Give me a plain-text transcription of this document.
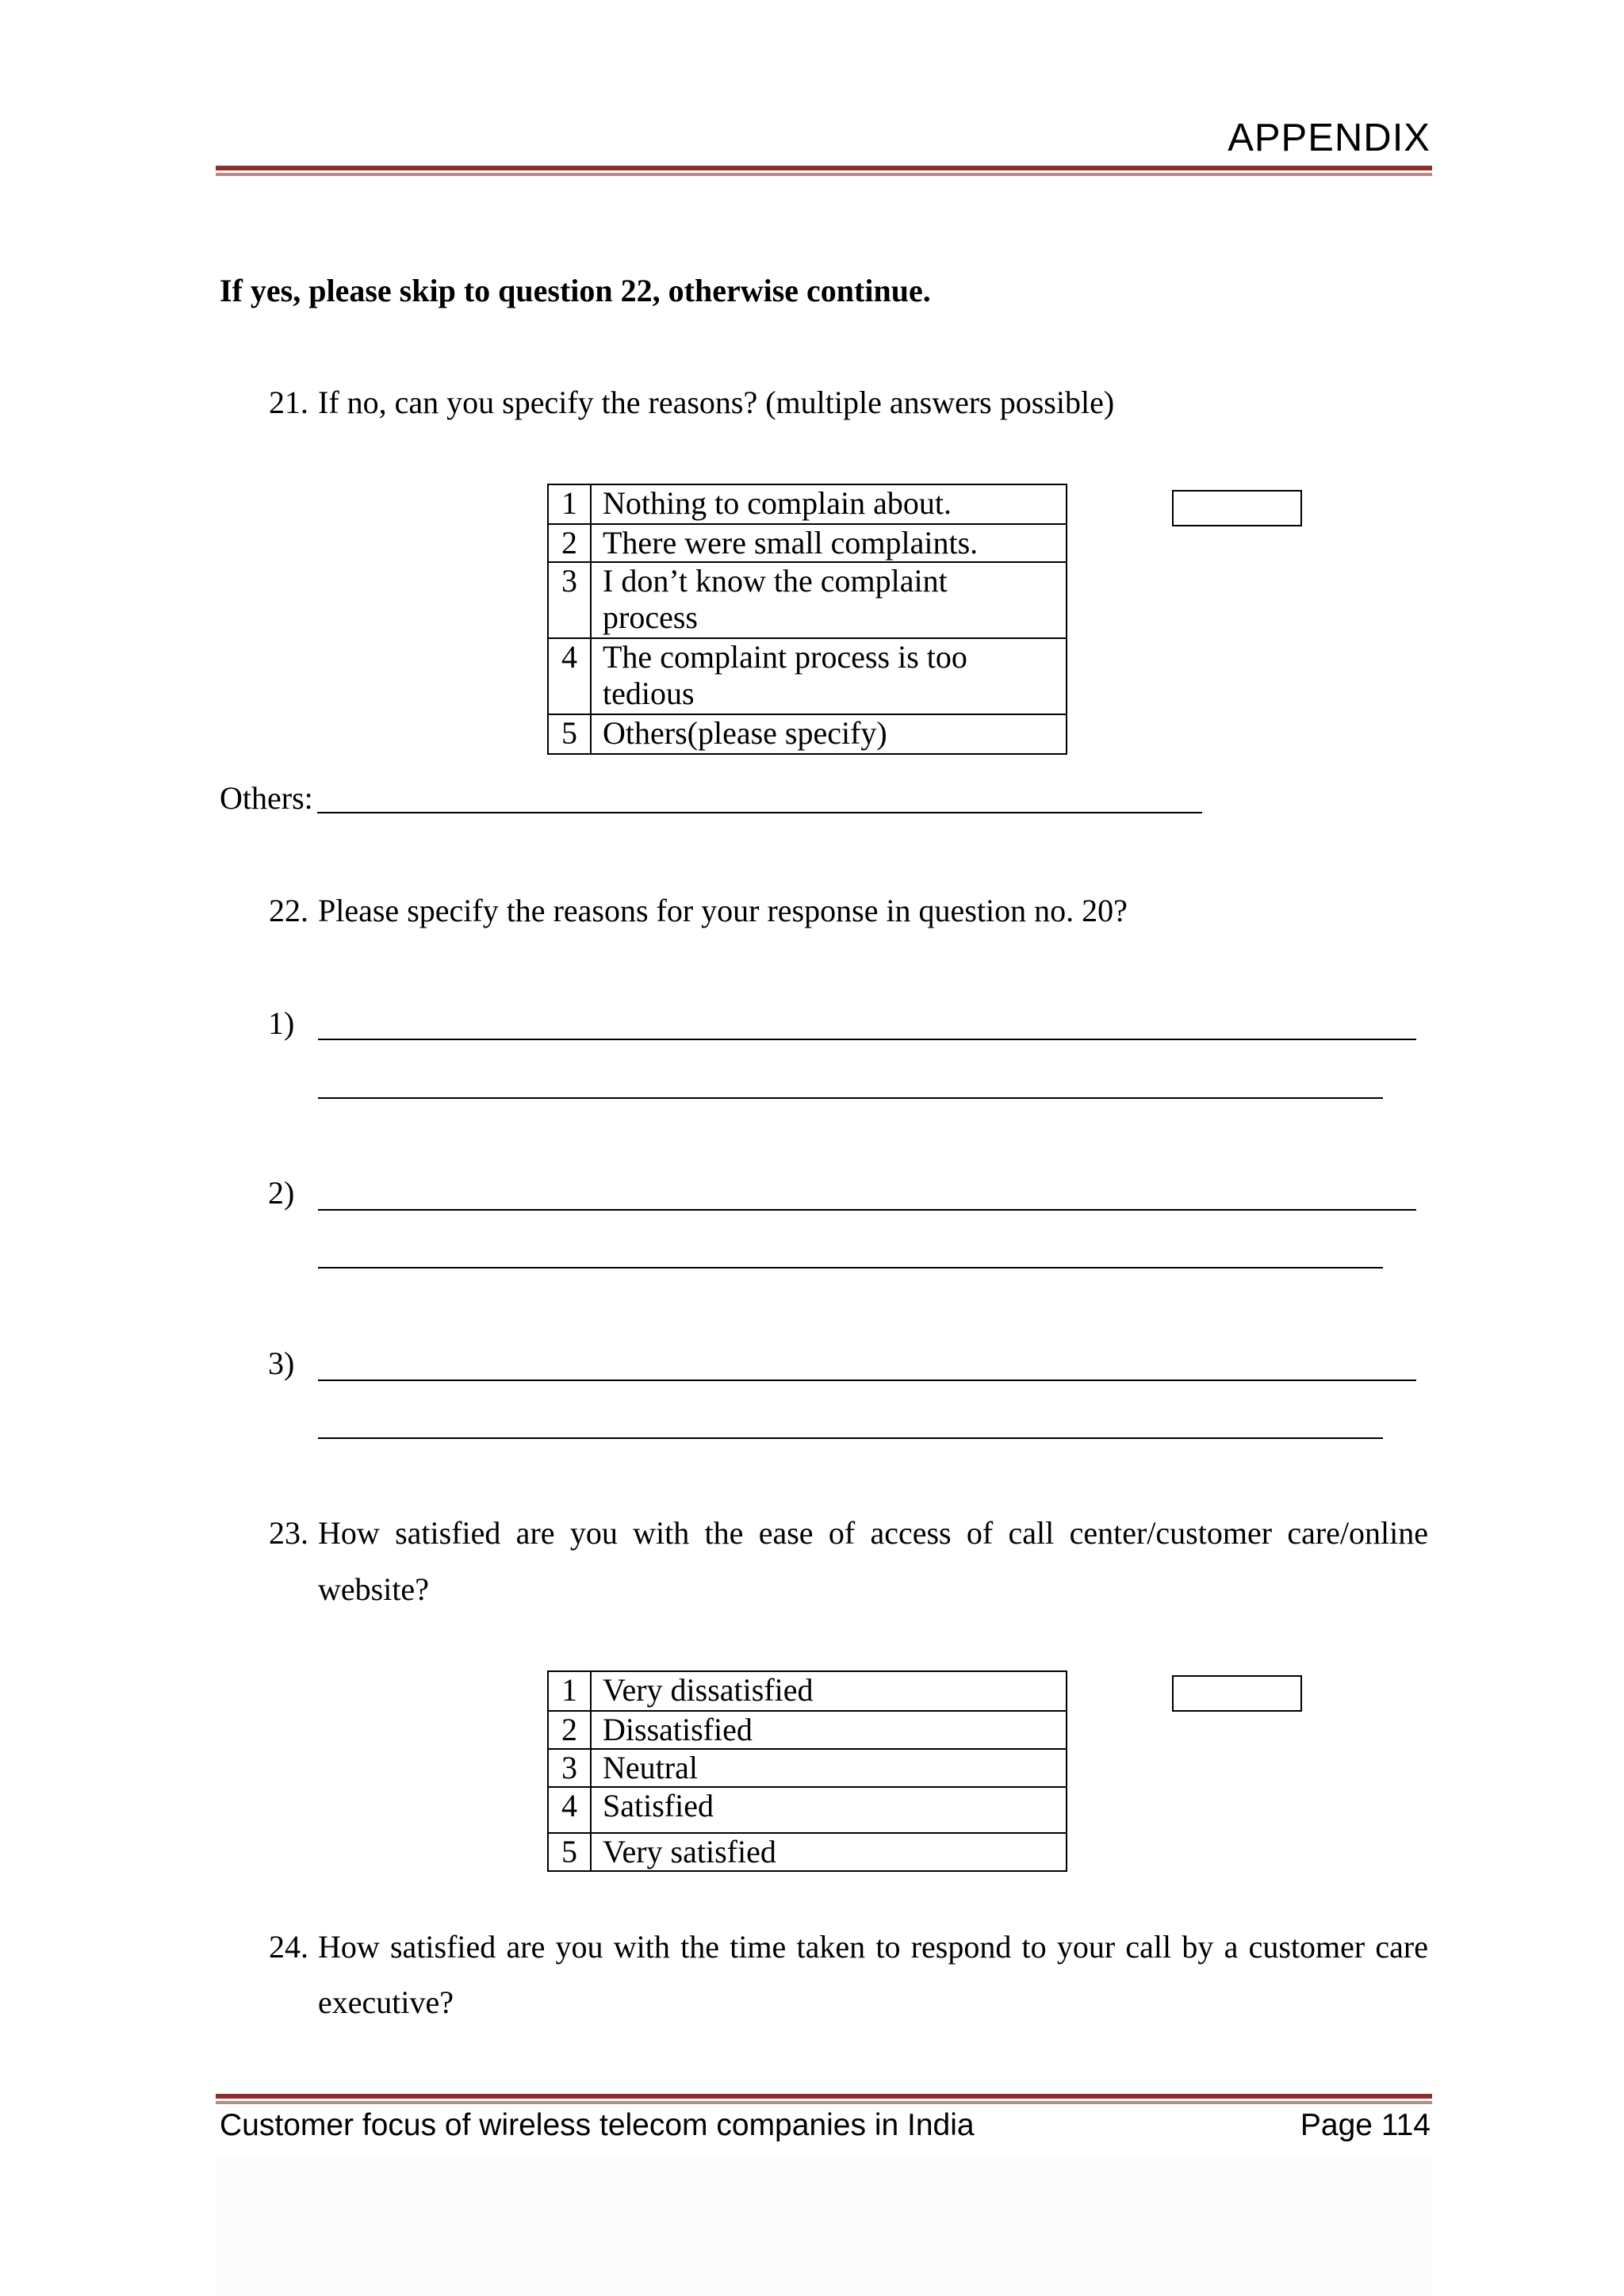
APPENDIX
If yes, please skip to question 22, otherwise continue.
21. If no, can you specify the reasons? (multiple answers possible)
1	Nothing to complain about.
2	There were small complaints.
3	I don’t know the complaint process
4	The complaint process is too tedious
5	Others(please specify)
Others:
22. Please specify the reasons for your response in question no. 20?
1)
2)
3)
23. How satisfied are you with the ease of access of call center/customer care/online
website?
1	Very dissatisfied
2	Dissatisfied
3	Neutral
4	Satisfied
5	Very satisfied
24. How satisfied are you with the time taken to respond to your call by a customer care
executive?
Customer focus of wireless telecom companies in India	Page 114
